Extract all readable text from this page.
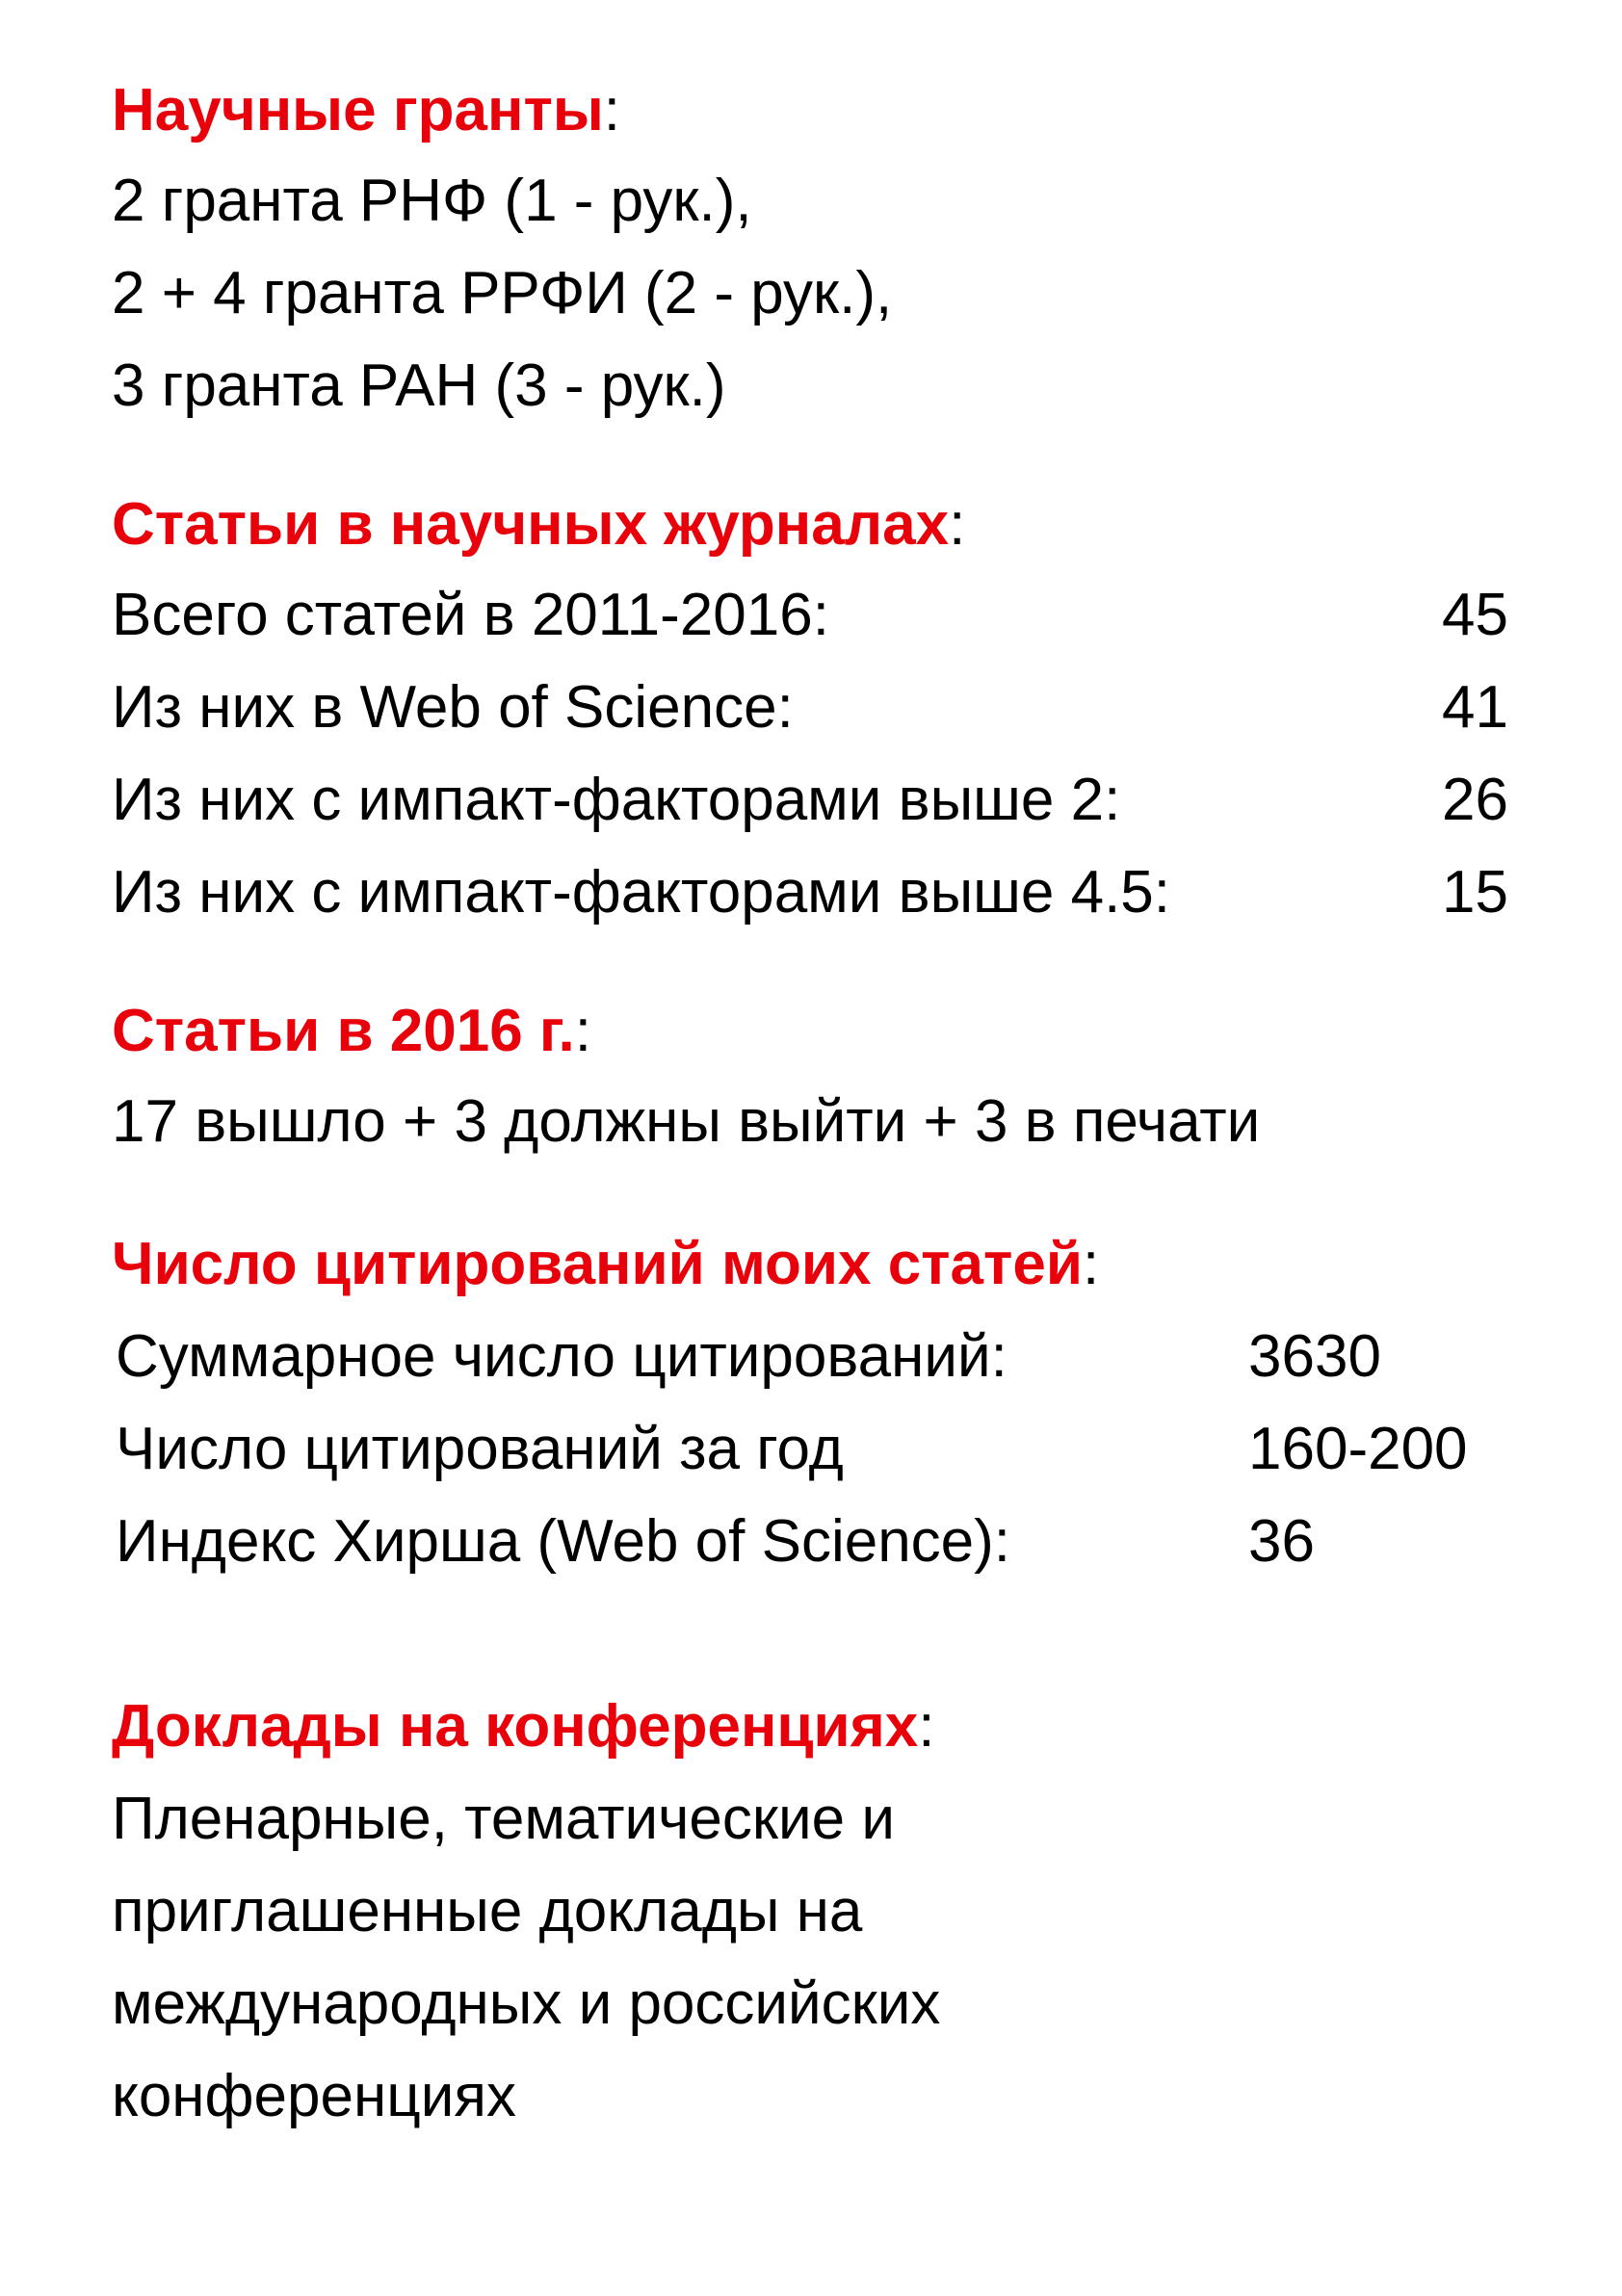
Научные гранты:
2 гранта РНФ (1 - рук.),
2 + 4 гранта РРФИ (2 - рук.),
3 гранта РАН (3 - рук.)
Статьи в научных журналах:
Всего статей в 2011-2016:	45
Из них в Web of Science:	41
Из них с импакт-факторами выше 2:	26
Из них с импакт-факторами выше 4.5:	15
Статьи в 2016 г.:
17 вышло + 3 должны выйти + 3 в печати
Число цитирований моих статей:
Суммарное число цитирований:	3630
Число цитирований за год	160-200
Индекс Хирша (Web of Science):	36
Доклады на конференциях:
Пленарные, тематические и
приглашенные доклады на
международных и российских
конференциях
